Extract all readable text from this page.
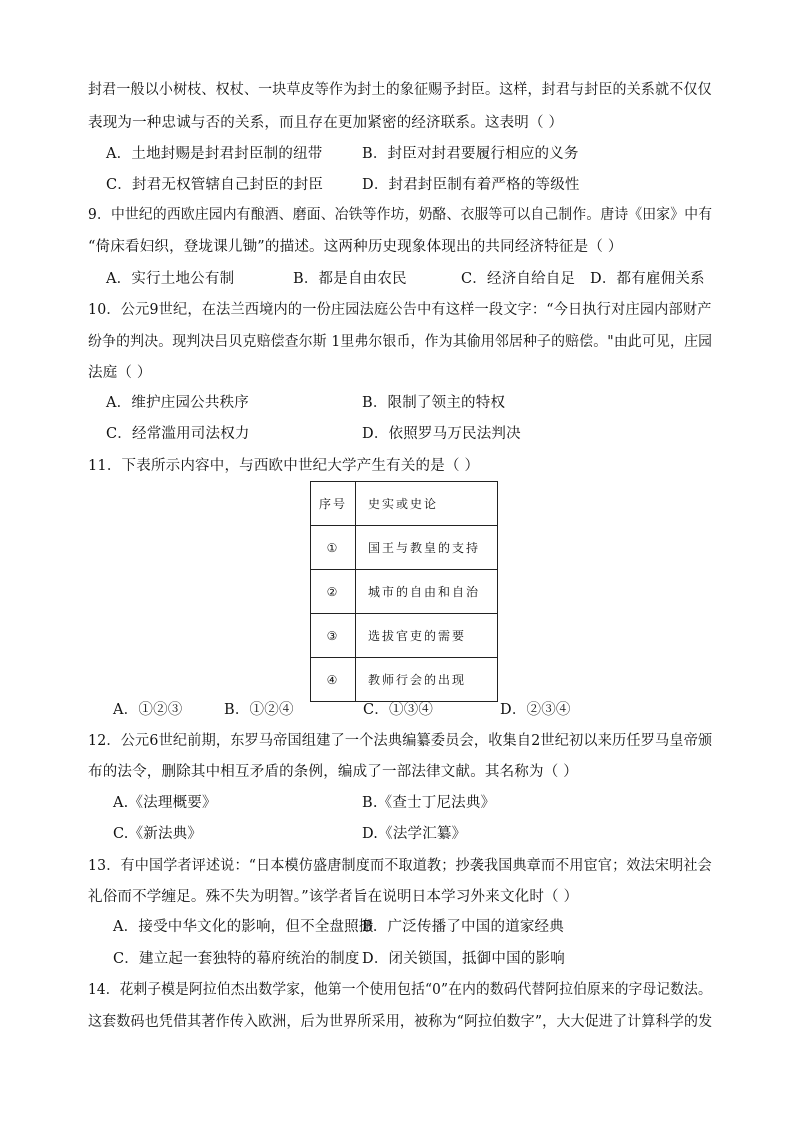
封君一般以小树枝、权杖、一块草皮等作为封土的象征赐予封臣。这样，封君与封臣的关系就不仅仅
表现为一种忠诚与否的关系，而且存在更加紧密的经济联系。这表明（ ）
A．土地封赐是封君封臣制的纽带	B．封臣对封君要履行相应的义务
C．封君无权管辖自己封臣的封臣	D．封君封臣制有着严格的等级性
9．中世纪的西欧庄园内有酿酒、磨面、冶铁等作坊，奶酪、衣服等可以自己制作。唐诗《田家》中有
“倚床看妇织，登垅课儿锄”的描述。这两种历史现象体现出的共同经济特征是（ ）
A．实行土地公有制	B．都是自由农民	C．经济自给自足 D．都有雇佣关系
10．公元9世纪，在法兰西境内的一份庄园法庭公告中有这样一段文字：“今日执行对庄园内部财产
纷争的判决。现判决吕贝克赔偿查尔斯 1里弗尔银币，作为其偷用邻居种子的赔偿。"由此可见，庄园
法庭（ ）
A．维护庄园公共秩序	B．限制了领主的特权
C．经常滥用司法权力	D．依照罗马万民法判决
11．下表所示内容中，与西欧中世纪大学产生有关的是（ ）
序号	史实或史论
①	国王与教皇的支持
②	城市的自由和自治
③	选拔官吏的需要
④	教师行会的出现
A．①②③	B．①②④	C．①③④	D．②③④
12．公元6世纪前期，东罗马帝国组建了一个法典编纂委员会，收集自2世纪初以来历任罗马皇帝颁
布的法令，删除其中相互矛盾的条例，编成了一部法律文献。其名称为（ ）
A.《法理概要》	B.《查士丁尼法典》
C.《新法典》	D.《法学汇纂》
13．有中国学者评述说：“日本模仿盛唐制度而不取道教；抄袭我国典章而不用宦官；效法宋明社会
礼俗而不学缠足。殊不失为明智。”该学者旨在说明日本学习外来文化时（ ）
A．接受中华文化的影响，但不全盘照搬
B．广泛传播了中国的道家经典
C．建立起一套独特的幕府统治的制度 D．闭关锁国，抵御中国的影响
14．花剌子模是阿拉伯杰出数学家，他第一个使用包括“0”在内的数码代替阿拉伯原来的字母记数法。
这套数码也凭借其著作传入欧洲，后为世界所采用，被称为“阿拉伯数字”，大大促进了计算科学的发
